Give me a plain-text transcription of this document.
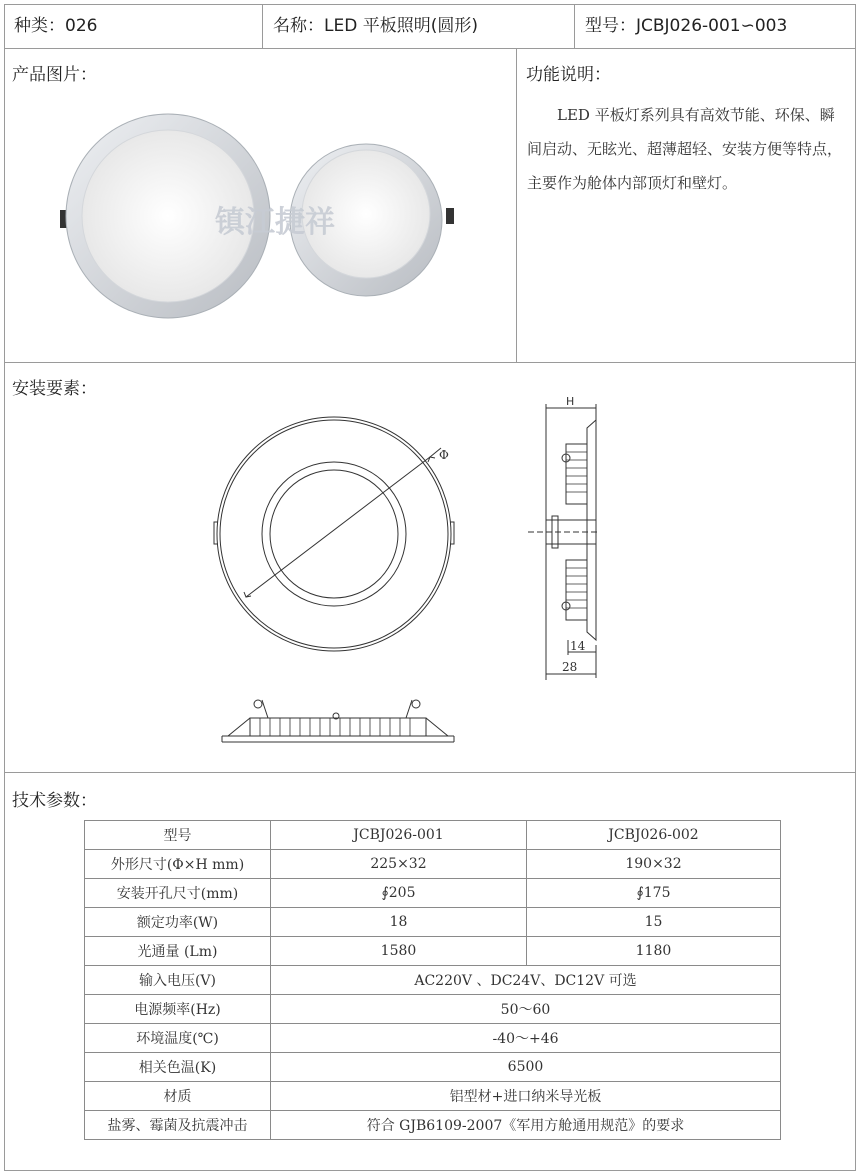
种类：026	名称：LED 平板照明(圆形)	型号：JCBJ026-001∽003
产品图片：
镇江捷祥
功能说明：

LED 平板灯系列具有高效节能、环保、瞬间启动、无眩光、超薄超轻、安装方便等特点，主要作为舱体内部顶灯和壁灯。

安装要素：
Φ
H
14
28
技术参数：
型号	JCBJ026-001	JCBJ026-002
外形尺寸(Φ×H mm)	225×32	190×32
安装开孔尺寸(mm)	∮205	∮175
额定功率(W)	18	15
光通量 (Lm)	1580	1180
输入电压(V)	AC220V 、DC24V、DC12V 可选	
电源频率(Hz)	50～60	
环境温度(℃)	-40～+46	
相关色温(K)	6500	
材质	铝型材+进口纳米导光板	
盐雾、霉菌及抗震冲击	符合 GJB6109-2007《军用方舱通用规范》的要求	
